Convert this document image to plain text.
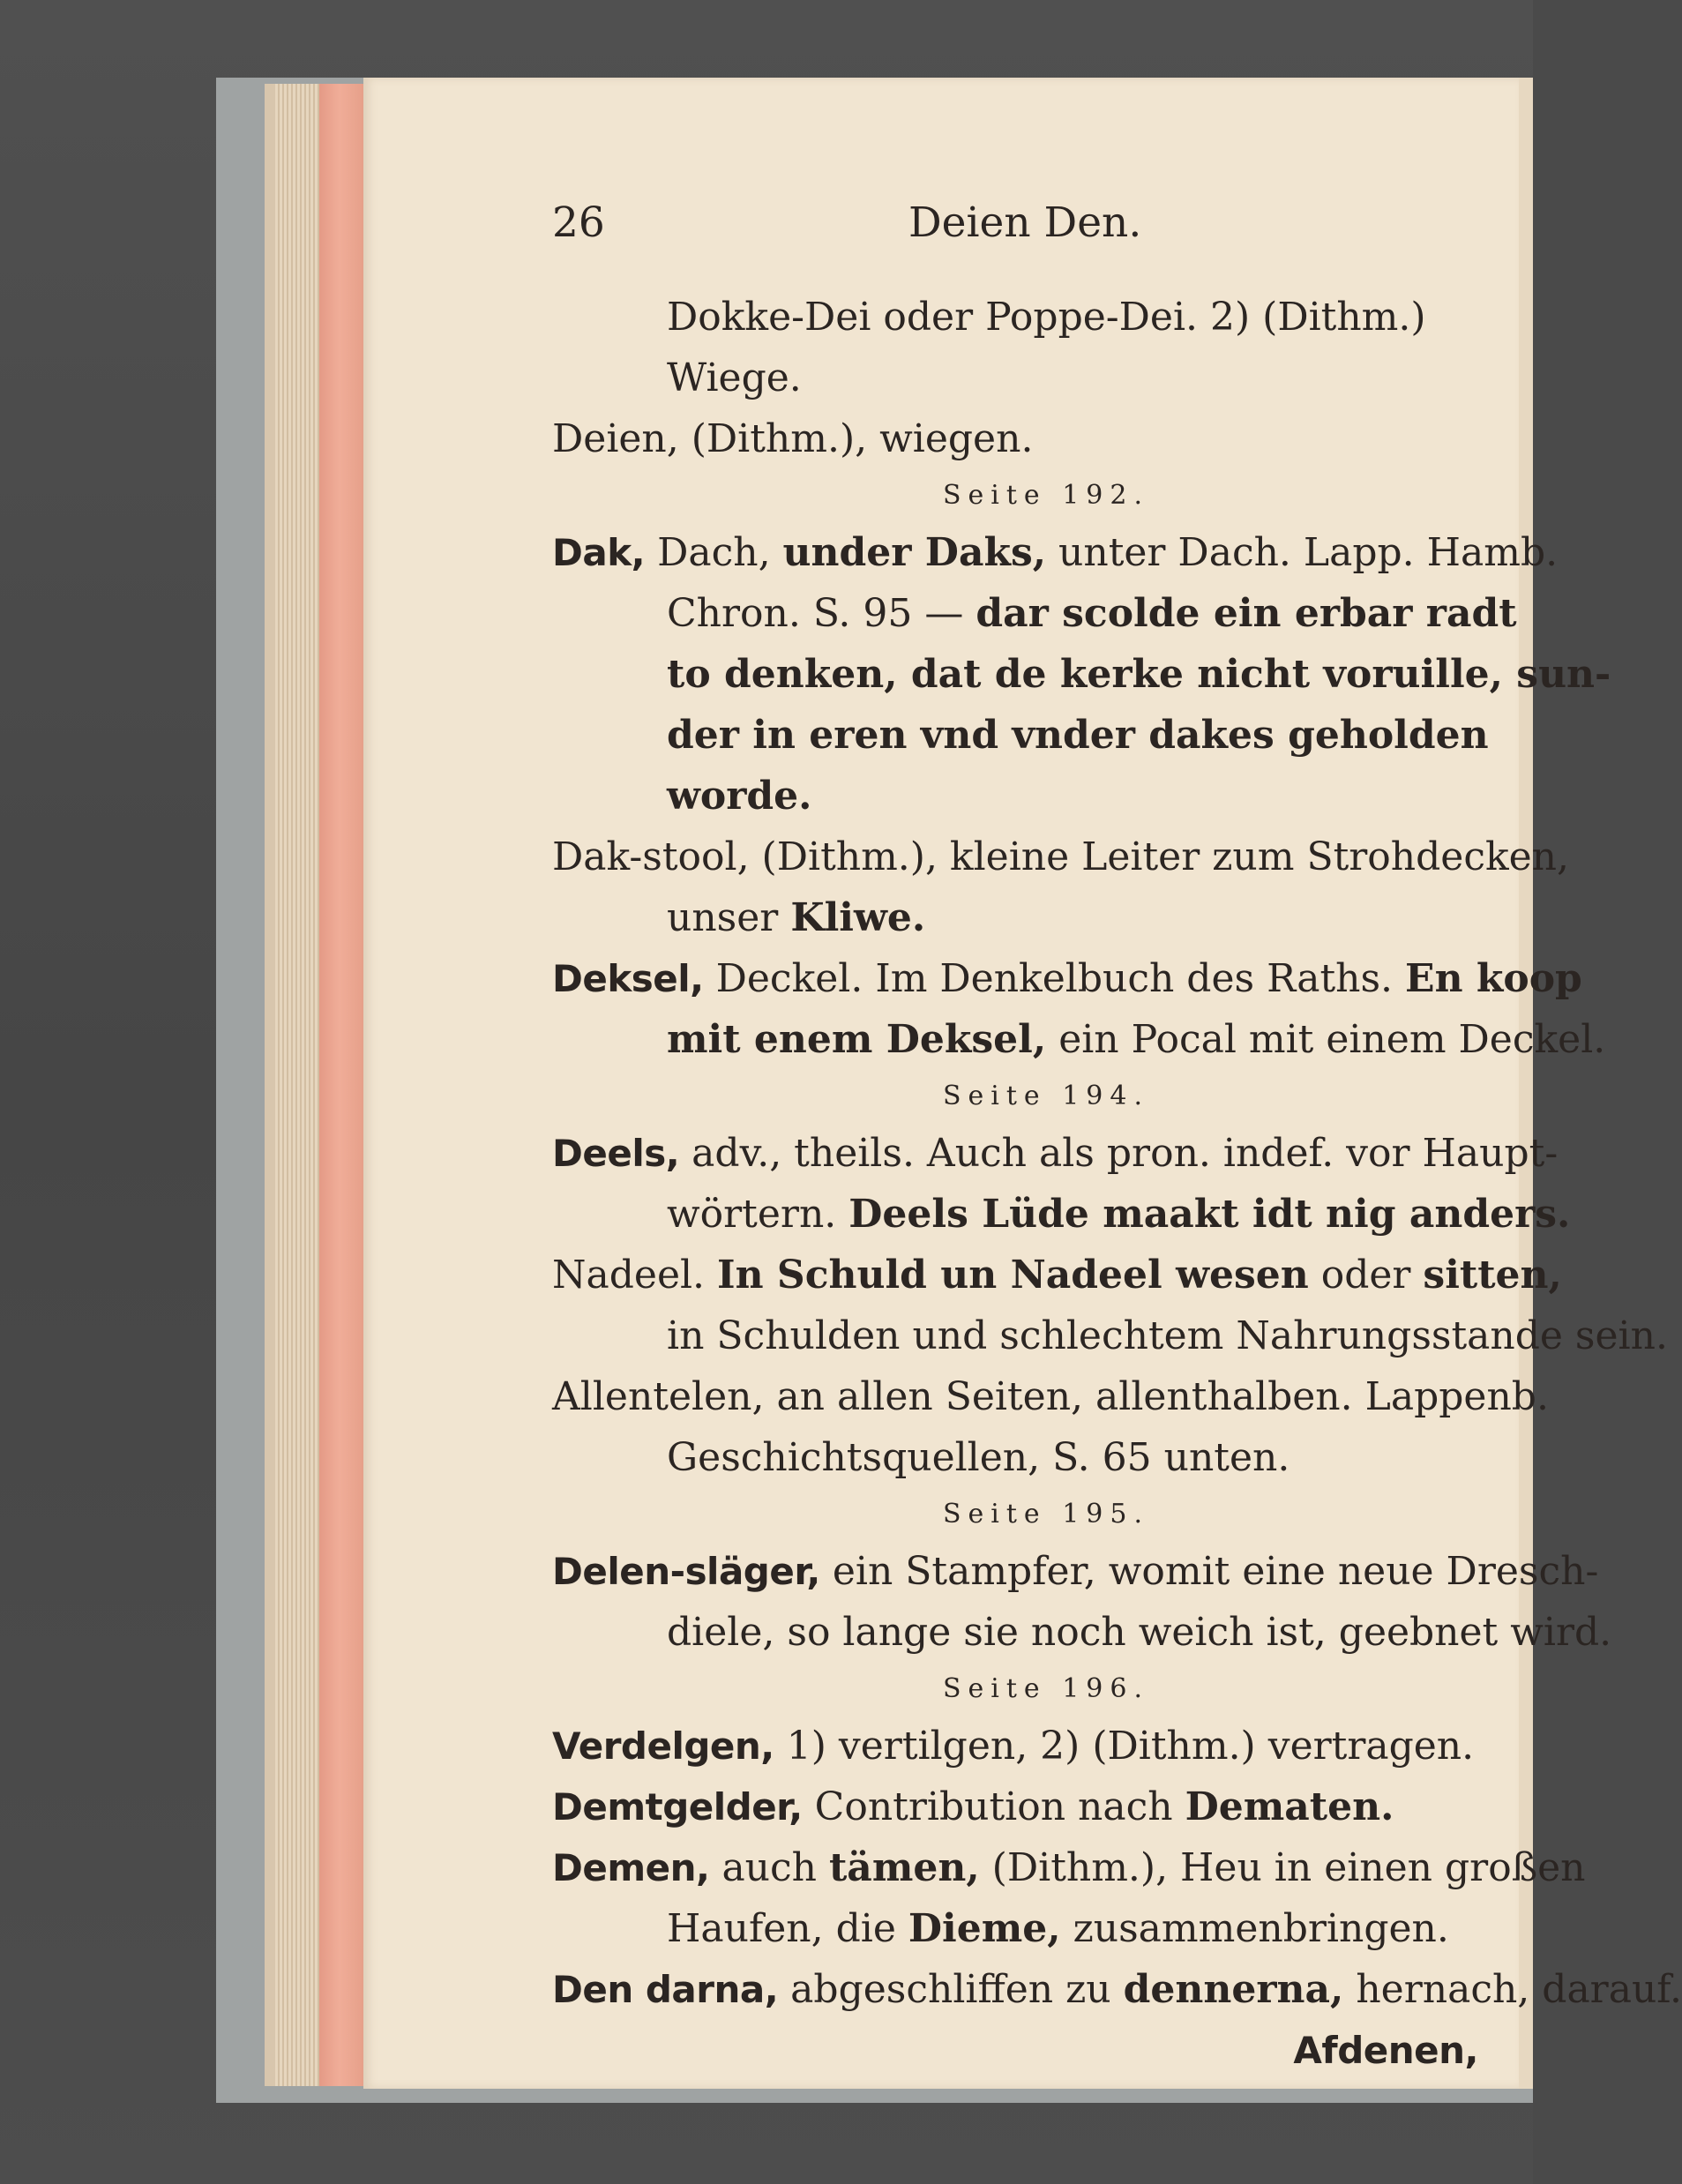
26	Deien Den.
Dokke-Dei oder Poppe-Dei. 2) (Dithm.)
Wiege.
Deien, (Dithm.), wiegen.
Seite 192.
Dak, Dach, under Daks, unter Dach. Lapp. Hamb.
Chron. S. 95 — dar scolde ein erbar radt
to denken, dat de kerke nicht voruille, sun-
der in eren vnd vnder dakes geholden
worde.
Dak-stool, (Dithm.), kleine Leiter zum Strohdecken,
unser Kliwe.
Deksel, Deckel. Im Denkelbuch des Raths. En koop
mit enem Deksel, ein Pocal mit einem Deckel.
Seite 194.
Deels, adv., theils. Auch als pron. indef. vor Haupt-
wörtern. Deels Lüde maakt idt nig anders.
Nadeel. In Schuld un Nadeel wesen oder sitten,
in Schulden und schlechtem Nahrungsstande sein.
Allentelen, an allen Seiten, allenthalben. Lappenb.
Geschichtsquellen, S. 65 unten.
Seite 195.
Delen-släger, ein Stampfer, womit eine neue Dresch-
diele, so lange sie noch weich ist, geebnet wird.
Seite 196.
Verdelgen, 1) vertilgen, 2) (Dithm.) vertragen.
Demtgelder, Contribution nach Dematen.
Demen, auch tämen, (Dithm.), Heu in einen großen
Haufen, die Dieme, zusammenbringen.
Den darna, abgeschliffen zu dennerna, hernach, darauf.
Afdenen,
